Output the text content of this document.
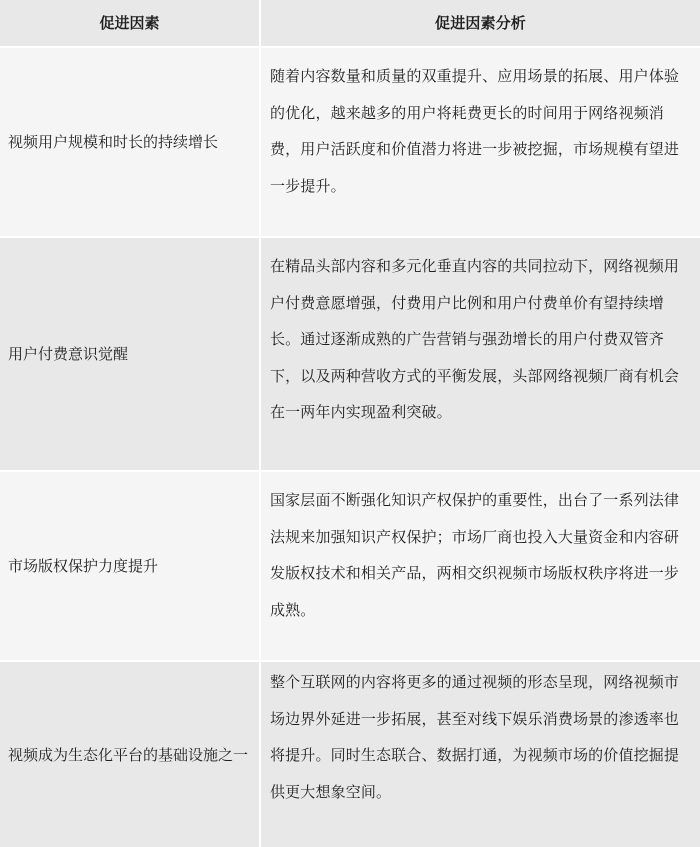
促进因素	促进因素分析
视频用户规模和时长的持续增长
随着内容数量和质量的双重提升、应用场景的拓展、用户体验的优化，越来越多的用户将耗费更长的时间用于网络视频消费，用户活跃度和价值潜力将进一步被挖掘，市场规模有望进一步提升。
用户付费意识觉醒
在精品头部内容和多元化垂直内容的共同拉动下，网络视频用户付费意愿增强，付费用户比例和用户付费单价有望持续增长。通过逐渐成熟的广告营销与强劲增长的用户付费双管齐下，以及两种营收方式的平衡发展，头部网络视频厂商有机会在一两年内实现盈利突破。
市场版权保护力度提升
国家层面不断强化知识产权保护的重要性，出台了一系列法律法规来加强知识产权保护；市场厂商也投入大量资金和内容研发版权技术和相关产品，两相交织视频市场版权秩序将进一步成熟。
视频成为生态化平台的基础设施之一
整个互联网的内容将更多的通过视频的形态呈现，网络视频市场边界外延进一步拓展，甚至对线下娱乐消费场景的渗透率也将提升。同时生态联合、数据打通，为视频市场的价值挖掘提供更大想象空间。
